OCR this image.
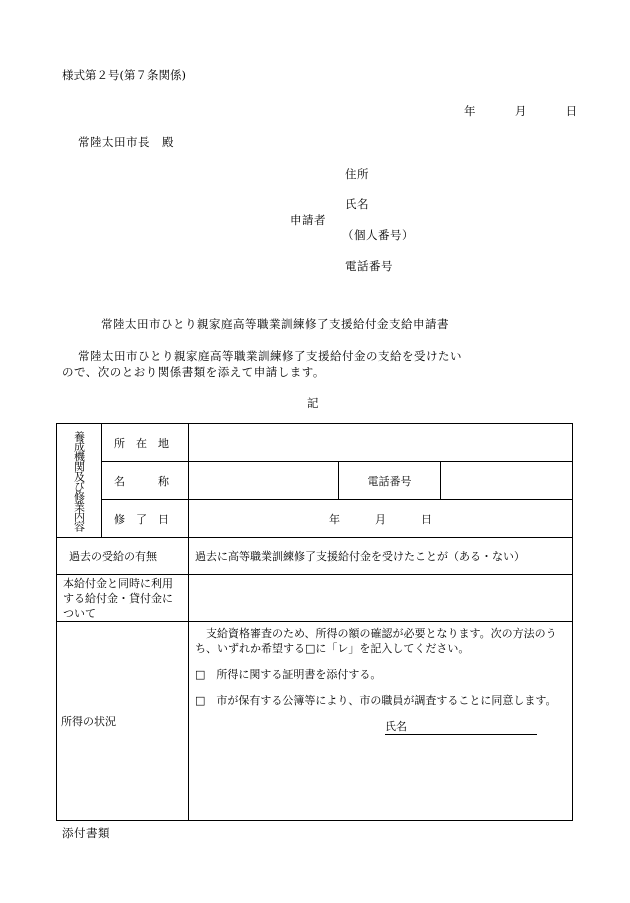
様式第２号(第７条関係)
年	月	日
常陸太田市長　殿
住所
氏名
申請者
（個人番号）
電話番号
常陸太田市ひとり親家庭高等職業訓練修了支援給付金支給申請書
常陸太田市ひとり親家庭高等職業訓練修了支援給付金の支給を受けたい
ので、次のとおり関係書類を添えて申請します。
記
養成機関及び修業内容	所　在　地			
	名　　　称		電話番号	
	修　了　日	年 月 日		
過去の受給の有無		過去に高等職業訓練修了支援給付金を受けたことが（ある・ない）		
本給付金と同時に利用する給付金・貸付金について				
所得の状況		支給資格審査のため、所得の額の確認が必要となります。次の方法のうち、いずれか希望する□に「レ」を記入してください。

□　所得に関する証明書を添付する。

□　市が保有する公簿等により、市の職員が調査することに同意します。

氏名		
添付書類
